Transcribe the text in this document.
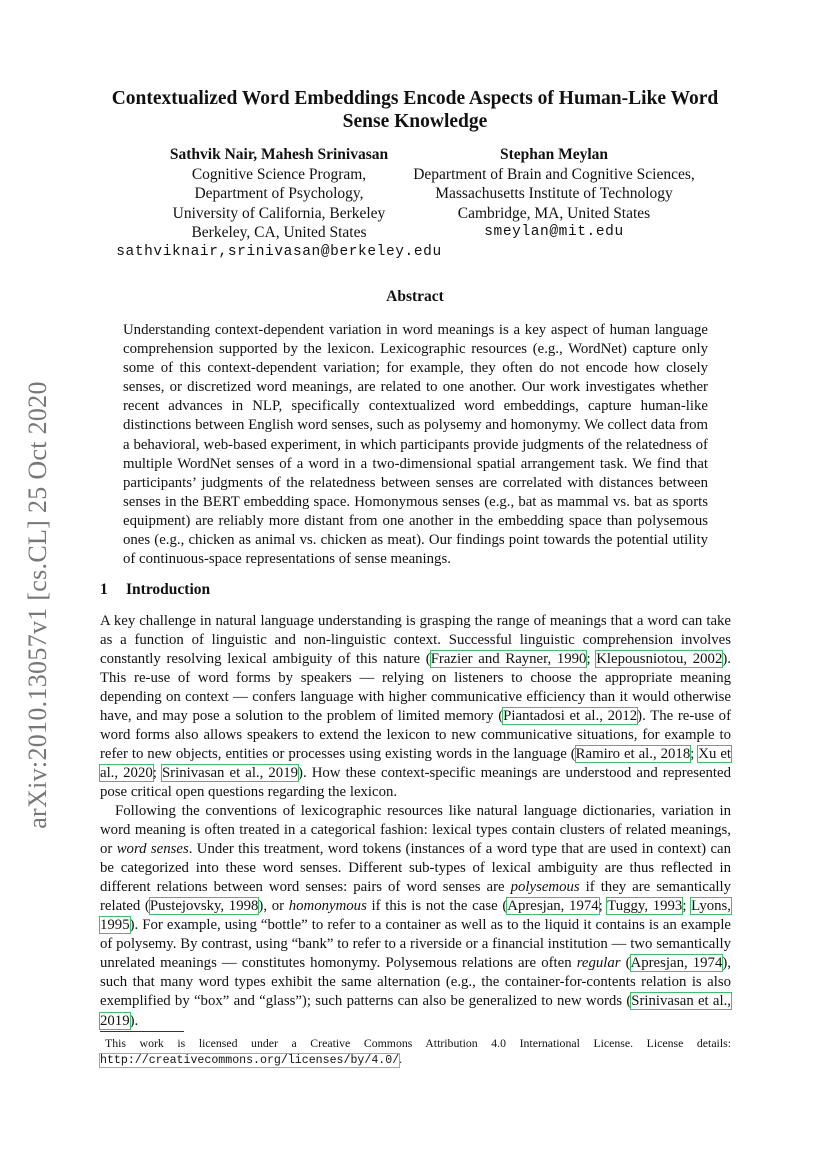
Contextualized Word Embeddings Encode Aspects of Human-Like Word Sense Knowledge
Sathvik Nair, Mahesh Srinivasan
Cognitive Science Program,
Department of Psychology,
University of California, Berkeley
Berkeley, CA, United States
sathviknair,srinivasan@berkeley.edu
Stephan Meylan
Department of Brain and Cognitive Sciences,
Massachusetts Institute of Technology
Cambridge, MA, United States
smeylan@mit.edu
arXiv:2010.13057v1 [cs.CL] 25 Oct 2020
Abstract

Understanding context-dependent variation in word meanings is a key aspect of human language comprehension supported by the lexicon. Lexicographic resources (e.g., WordNet) capture only some of this context-dependent variation; for example, they often do not encode how closely senses, or discretized word meanings, are related to one another. Our work investigates whether recent advances in NLP, specifically contextualized word embeddings, capture human-like distinctions between English word senses, such as polysemy and homonymy. We collect data from a behavioral, web-based experiment, in which participants provide judgments of the relatedness of multiple WordNet senses of a word in a two-dimensional spatial arrangement task. We find that participants’ judgments of the relatedness between senses are correlated with distances between senses in the BERT embedding space. Homonymous senses (e.g., bat as mammal vs. bat as sports equipment) are reliably more distant from one another in the embedding space than polysemous ones (e.g., chicken as animal vs. chicken as meat). Our findings point towards the potential utility of continuous-space representations of sense meanings.

1 Introduction

A key challenge in natural language understanding is grasping the range of meanings that a word can take as a function of linguistic and non-linguistic context. Successful linguistic comprehension involves constantly resolving lexical ambiguity of this nature (Frazier and Rayner, 1990; Klepousniotou, 2002). This re-use of word forms by speakers — relying on listeners to choose the appropriate meaning depending on context — confers language with higher communicative efficiency than it would otherwise have, and may pose a solution to the problem of limited memory (Piantadosi et al., 2012). The re-use of word forms also allows speakers to extend the lexicon to new communicative situations, for example to refer to new objects, entities or processes using existing words in the language (Ramiro et al., 2018; Xu et al., 2020; Srinivasan et al., 2019). How these context-specific meanings are understood and represented pose critical open questions regarding the lexicon.

Following the conventions of lexicographic resources like natural language dictionaries, variation in word meaning is often treated in a categorical fashion: lexical types contain clusters of related meanings, or word senses. Under this treatment, word tokens (instances of a word type that are used in context) can be categorized into these word senses. Different sub-types of lexical ambiguity are thus reflected in different relations between word senses: pairs of word senses are polysemous if they are semantically related (Pustejovsky, 1998), or homonymous if this is not the case (Apresjan, 1974; Tuggy, 1993; Lyons, 1995). For example, using “bottle” to refer to a container as well as to the liquid it contains is an example of polysemy. By contrast, using “bank” to refer to a riverside or a financial institution — two semantically unrelated meanings — constitutes homonymy. Polysemous relations are often regular (Apresjan, 1974), such that many word types exhibit the same alternation (e.g., the container-for-contents relation is also exemplified by “box” and “glass”); such patterns can also be generalized to new words (Srinivasan et al., 2019).

This work is licensed under a Creative Commons Attribution 4.0 International License. License details: http://creativecommons.org/licenses/by/4.0/.
